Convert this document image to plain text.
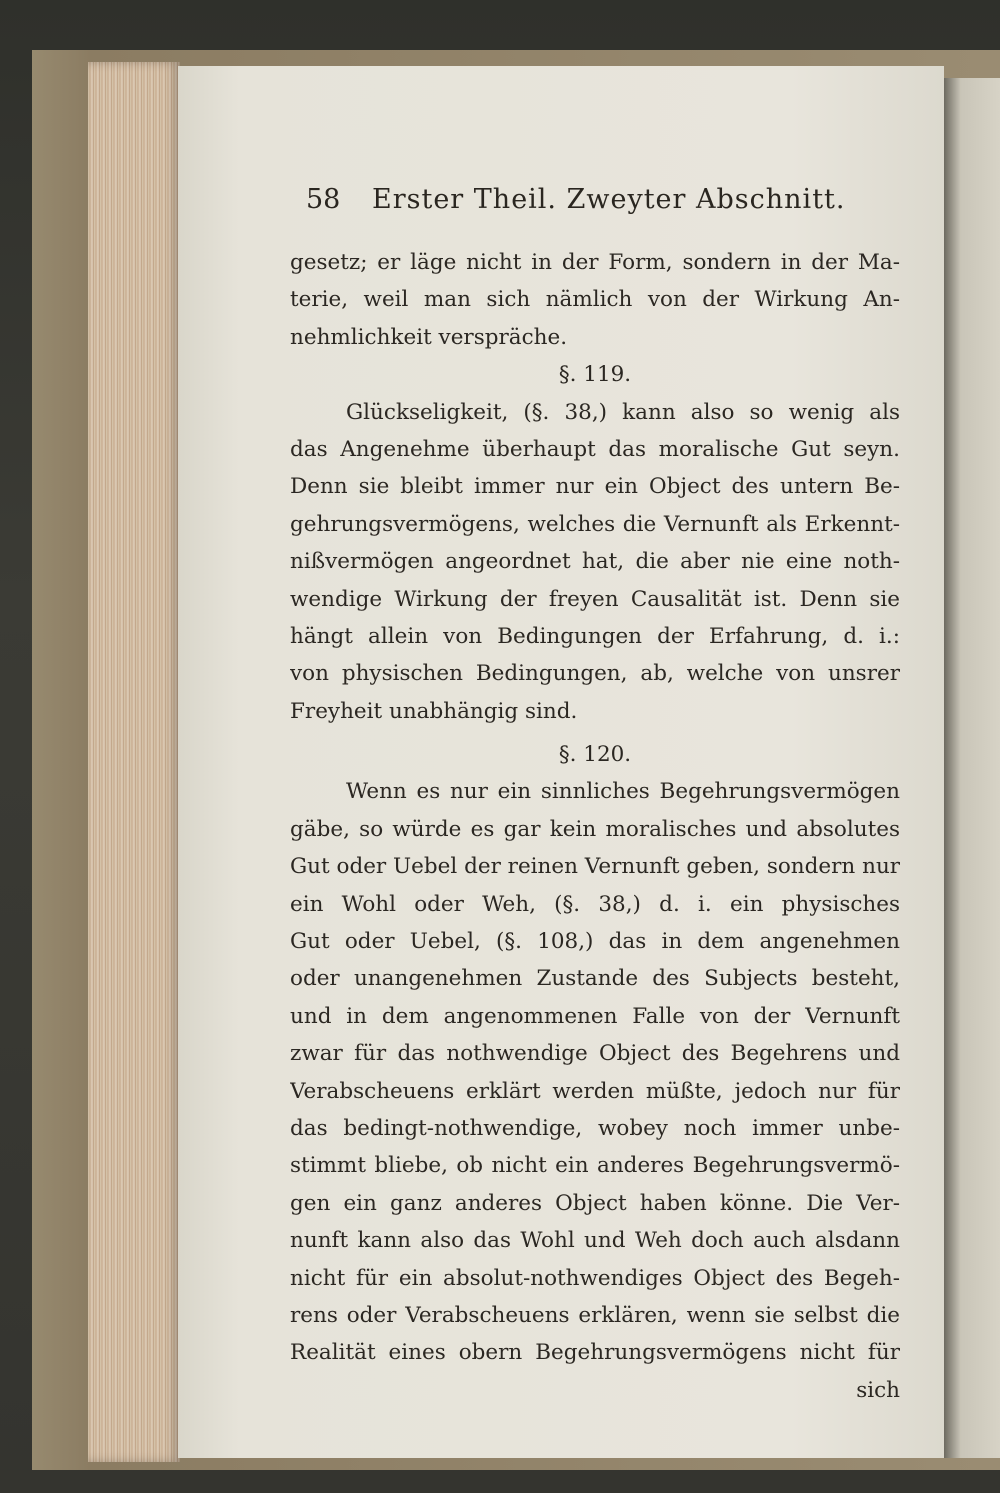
58 Erster Theil. Zweyter Abschnitt.
gesetz; er läge nicht in der Form, sondern in der Ma-
terie, weil man sich nämlich von der Wirkung An-
nehmlichkeit verspräche.
§. 119.
Glückseligkeit, (§. 38,) kann also so wenig als
das Angenehme überhaupt das moralische Gut seyn.
Denn sie bleibt immer nur ein Object des untern Be-
gehrungsvermögens, welches die Vernunft als Erkennt-
nißvermögen angeordnet hat, die aber nie eine noth-
wendige Wirkung der freyen Causalität ist. Denn sie
hängt allein von Bedingungen der Erfahrung, d. i.:
von physischen Bedingungen, ab, welche von unsrer
Freyheit unabhängig sind.
§. 120.
Wenn es nur ein sinnliches Begehrungsvermögen
gäbe, so würde es gar kein moralisches und absolutes
Gut oder Uebel der reinen Vernunft geben, sondern nur
ein Wohl oder Weh, (§. 38,) d. i. ein physisches
Gut oder Uebel, (§. 108,) das in dem angenehmen
oder unangenehmen Zustande des Subjects besteht,
und in dem angenommenen Falle von der Vernunft
zwar für das nothwendige Object des Begehrens und
Verabscheuens erklärt werden müßte, jedoch nur für
das bedingt-nothwendige, wobey noch immer unbe-
stimmt bliebe, ob nicht ein anderes Begehrungsvermö-
gen ein ganz anderes Object haben könne. Die Ver-
nunft kann also das Wohl und Weh doch auch alsdann
nicht für ein absolut-nothwendiges Object des Begeh-
rens oder Verabscheuens erklären, wenn sie selbst die
Realität eines obern Begehrungsvermögens nicht für
sich
